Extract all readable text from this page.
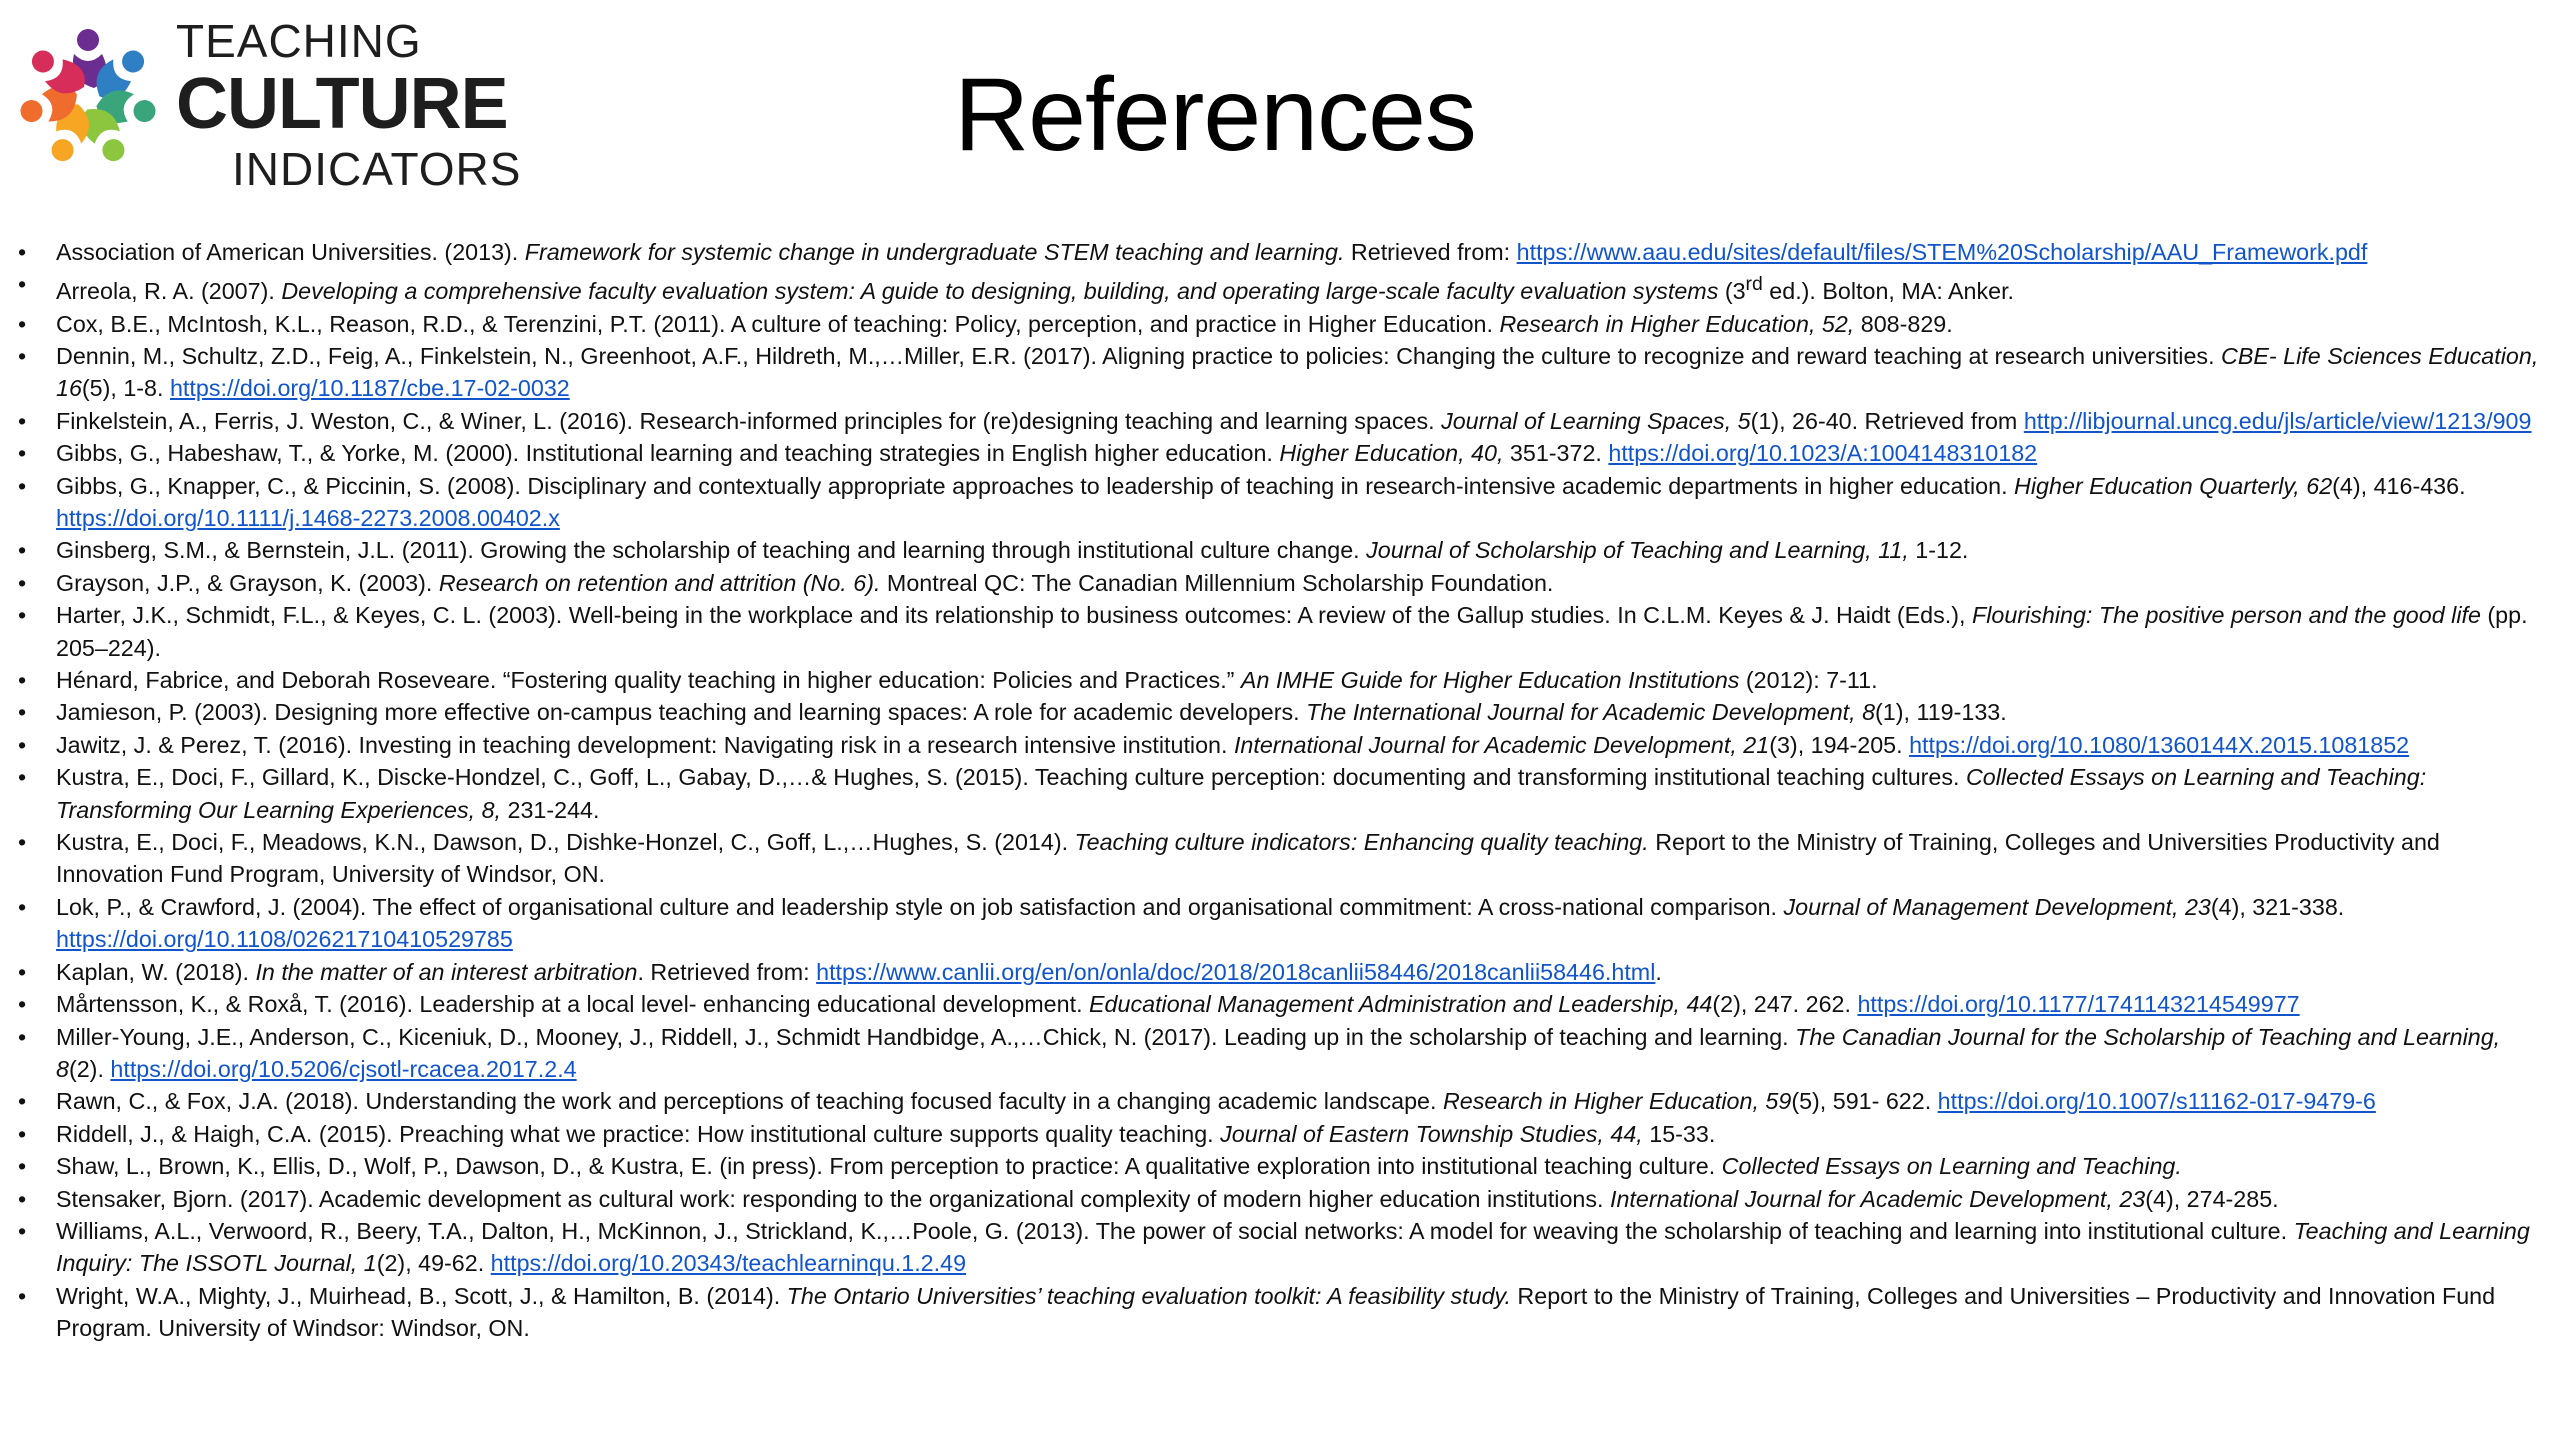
TEACHING
CULTURE
INDICATORS	References
• Association of American Universities. (2013). Framework for systemic change in undergraduate STEM teaching and learning. Retrieved from: https://www.aau.edu/sites/default/files/STEM%20Scholarship/AAU_Framework.pdf
• Arreola, R. A. (2007). Developing a comprehensive faculty evaluation system: A guide to designing, building, and operating large-scale faculty evaluation systems (3rd ed.). Bolton, MA: Anker.
• Cox, B.E., McIntosh, K.L., Reason, R.D., & Terenzini, P.T. (2011). A culture of teaching: Policy, perception, and practice in Higher Education. Research in Higher Education, 52, 808-829.
• Dennin, M., Schultz, Z.D., Feig, A., Finkelstein, N., Greenhoot, A.F., Hildreth, M.,…Miller, E.R. (2017). Aligning practice to policies: Changing the culture to recognize and reward teaching at research universities. CBE- Life Sciences Education, 16(5), 1-8. https://doi.org/10.1187/cbe.17-02-0032
• Finkelstein, A., Ferris, J. Weston, C., & Winer, L. (2016). Research-informed principles for (re)designing teaching and learning spaces. Journal of Learning Spaces, 5(1), 26-40. Retrieved from http://libjournal.uncg.edu/jls/article/view/1213/909
• Gibbs, G., Habeshaw, T., & Yorke, M. (2000). Institutional learning and teaching strategies in English higher education. Higher Education, 40, 351-372. https://doi.org/10.1023/A:1004148310182
• Gibbs, G., Knapper, C., & Piccinin, S. (2008). Disciplinary and contextually appropriate approaches to leadership of teaching in research-intensive academic departments in higher education. Higher Education Quarterly, 62(4), 416-436. https://doi.org/10.1111/j.1468-2273.2008.00402.x
• Ginsberg, S.M., & Bernstein, J.L. (2011). Growing the scholarship of teaching and learning through institutional culture change. Journal of Scholarship of Teaching and Learning, 11, 1-12.
• Grayson, J.P., & Grayson, K. (2003). Research on retention and attrition (No. 6). Montreal QC: The Canadian Millennium Scholarship Foundation.
• Harter, J.K., Schmidt, F.L., & Keyes, C. L. (2003). Well-being in the workplace and its relationship to business outcomes: A review of the Gallup studies. In C.L.M. Keyes & J. Haidt (Eds.), Flourishing: The positive person and the good life (pp. 205–224).
• Hénard, Fabrice, and Deborah Roseveare. “Fostering quality teaching in higher education: Policies and Practices.” An IMHE Guide for Higher Education Institutions (2012): 7-11.
• Jamieson, P. (2003). Designing more effective on-campus teaching and learning spaces: A role for academic developers. The International Journal for Academic Development, 8(1), 119-133.
• Jawitz, J. & Perez, T. (2016). Investing in teaching development: Navigating risk in a research intensive institution. International Journal for Academic Development, 21(3), 194-205. https://doi.org/10.1080/1360144X.2015.1081852
• Kustra, E., Doci, F., Gillard, K., Discke-Hondzel, C., Goff, L., Gabay, D.,…& Hughes, S. (2015). Teaching culture perception: documenting and transforming institutional teaching cultures. Collected Essays on Learning and Teaching: Transforming Our Learning Experiences, 8, 231-244.
• Kustra, E., Doci, F., Meadows, K.N., Dawson, D., Dishke-Honzel, C., Goff, L.,…Hughes, S. (2014). Teaching culture indicators: Enhancing quality teaching. Report to the Ministry of Training, Colleges and Universities Productivity and Innovation Fund Program, University of Windsor, ON.
• Lok, P., & Crawford, J. (2004). The effect of organisational culture and leadership style on job satisfaction and organisational commitment: A cross-national comparison. Journal of Management Development, 23(4), 321-338. https://doi.org/10.1108/02621710410529785
• Kaplan, W. (2018). In the matter of an interest arbitration. Retrieved from: https://www.canlii.org/en/on/onla/doc/2018/2018canlii58446/2018canlii58446.html.
• Mårtensson, K., & Roxå, T. (2016). Leadership at a local level- enhancing educational development. Educational Management Administration and Leadership, 44(2), 247. 262. https://doi.org/10.1177/1741143214549977
• Miller-Young, J.E., Anderson, C., Kiceniuk, D., Mooney, J., Riddell, J., Schmidt Handbidge, A.,…Chick, N. (2017). Leading up in the scholarship of teaching and learning. The Canadian Journal for the Scholarship of Teaching and Learning, 8(2). https://doi.org/10.5206/cjsotl-rcacea.2017.2.4
• Rawn, C., & Fox, J.A. (2018). Understanding the work and perceptions of teaching focused faculty in a changing academic landscape. Research in Higher Education, 59(5), 591- 622. https://doi.org/10.1007/s11162-017-9479-6
• Riddell, J., & Haigh, C.A. (2015). Preaching what we practice: How institutional culture supports quality teaching. Journal of Eastern Township Studies, 44, 15-33.
• Shaw, L., Brown, K., Ellis, D., Wolf, P., Dawson, D., & Kustra, E. (in press). From perception to practice: A qualitative exploration into institutional teaching culture. Collected Essays on Learning and Teaching.
• Stensaker, Bjorn. (2017). Academic development as cultural work: responding to the organizational complexity of modern higher education institutions. International Journal for Academic Development, 23(4), 274-285.
• Williams, A.L., Verwoord, R., Beery, T.A., Dalton, H., McKinnon, J., Strickland, K.,…Poole, G. (2013). The power of social networks: A model for weaving the scholarship of teaching and learning into institutional culture. Teaching and Learning Inquiry: The ISSOTL Journal, 1(2), 49-62. https://doi.org/10.20343/teachlearninqu.1.2.49
• Wright, W.A., Mighty, J., Muirhead, B., Scott, J., & Hamilton, B. (2014). The Ontario Universities’ teaching evaluation toolkit: A feasibility study. Report to the Ministry of Training, Colleges and Universities – Productivity and Innovation Fund Program. University of Windsor: Windsor, ON.
